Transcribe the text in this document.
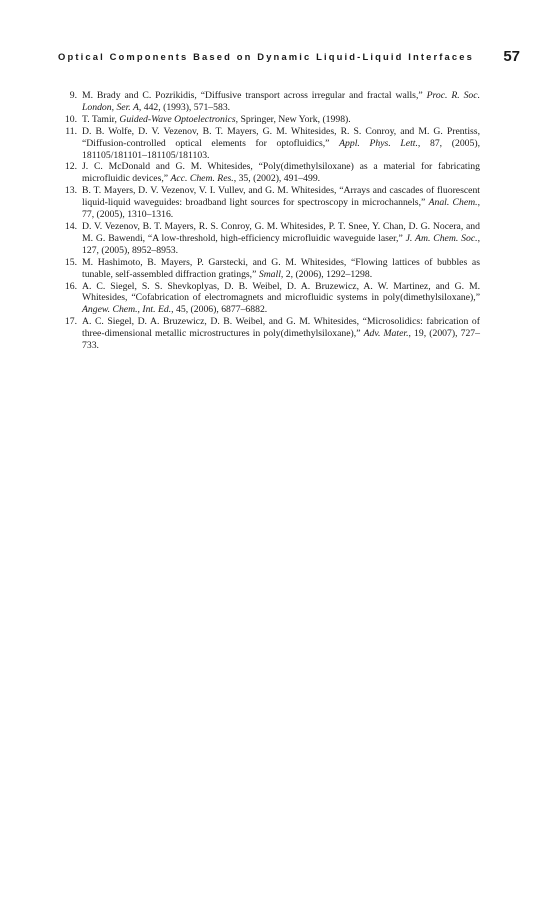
Optical Components Based on Dynamic Liquid-Liquid Interfaces 57
9. M. Brady and C. Pozrikidis, “Diffusive transport across irregular and fractal walls,” Proc. R. Soc. London, Ser. A, 442, (1993), 571–583.
10. T. Tamir, Guided-Wave Optoelectronics, Springer, New York, (1998).
11. D. B. Wolfe, D. V. Vezenov, B. T. Mayers, G. M. Whitesides, R. S. Conroy, and M. G. Prentiss, “Diffusion-controlled optical elements for optofluidics,” Appl. Phys. Lett., 87, (2005), 181105/181101–181105/181103.
12. J. C. McDonald and G. M. Whitesides, “Poly(dimethylsiloxane) as a material for fabricating microfluidic devices,” Acc. Chem. Res., 35, (2002), 491–499.
13. B. T. Mayers, D. V. Vezenov, V. I. Vullev, and G. M. Whitesides, “Arrays and cascades of fluorescent liquid-liquid waveguides: broadband light sources for spectroscopy in microchannels,” Anal. Chem., 77, (2005), 1310–1316.
14. D. V. Vezenov, B. T. Mayers, R. S. Conroy, G. M. Whitesides, P. T. Snee, Y. Chan, D. G. Nocera, and M. G. Bawendi, “A low-threshold, high-efficiency microfluidic waveguide laser,” J. Am. Chem. Soc., 127, (2005), 8952–8953.
15. M. Hashimoto, B. Mayers, P. Garstecki, and G. M. Whitesides, “Flowing lattices of bubbles as tunable, self-assembled diffraction gratings,” Small, 2, (2006), 1292–1298.
16. A. C. Siegel, S. S. Shevkoplyas, D. B. Weibel, D. A. Bruzewicz, A. W. Martinez, and G. M. Whitesides, “Cofabrication of electromagnets and microfluidic systems in poly(dimethylsiloxane),” Angew. Chem., Int. Ed., 45, (2006), 6877–6882.
17. A. C. Siegel, D. A. Bruzewicz, D. B. Weibel, and G. M. Whitesides, “Microsolidics: fabrication of three-dimensional metallic microstructures in poly(dimethylsiloxane),” Adv. Mater., 19, (2007), 727–733.
